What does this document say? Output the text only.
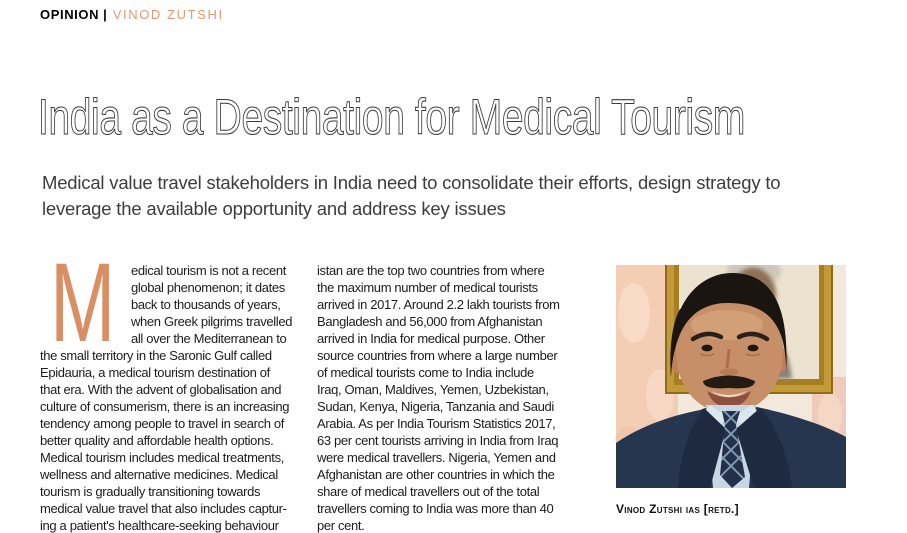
OPINION | VINOD ZUTSHI
India as a Destination for Medical Tourism

Medical value travel stakeholders in India need to consolidate their efforts, design strategy to
leverage the available opportunity and address key issues

M	edical tourism is not a recent
global phenomenon; it dates
back to thousands of years,
when Greek pilgrims travelled
all over the Mediterranean to
the small territory in the Saronic Gulf called
Epidauria, a medical tourism destination of
that era. With the advent of globalisation and
culture of consumerism, there is an increasing
tendency among people to travel in search of
better quality and affordable health options.
Medical tourism includes medical treatments,
wellness and alternative medicines. Medical
tourism is gradually transitioning towards
medical value travel that also includes captur-
ing a patient's healthcare-seeking behaviour
istan are the top two countries from where
the maximum number of medical tourists
arrived in 2017. Around 2.2 lakh tourists from
Bangladesh and 56,000 from Afghanistan
arrived in India for medical purpose. Other
source countries from where a large number
of medical tourists come to India include
Iraq, Oman, Maldives, Yemen, Uzbekistan,
Sudan, Kenya, Nigeria, Tanzania and Saudi
Arabia. As per India Tourism Statistics 2017,
63 per cent tourists arriving in India from Iraq
were medical travellers. Nigeria, Yemen and
Afghanistan are other countries in which the
share of medical travellers out of the total
travellers coming to India was more than 40
per cent.
Vinod Zutshi ias [retd.]
